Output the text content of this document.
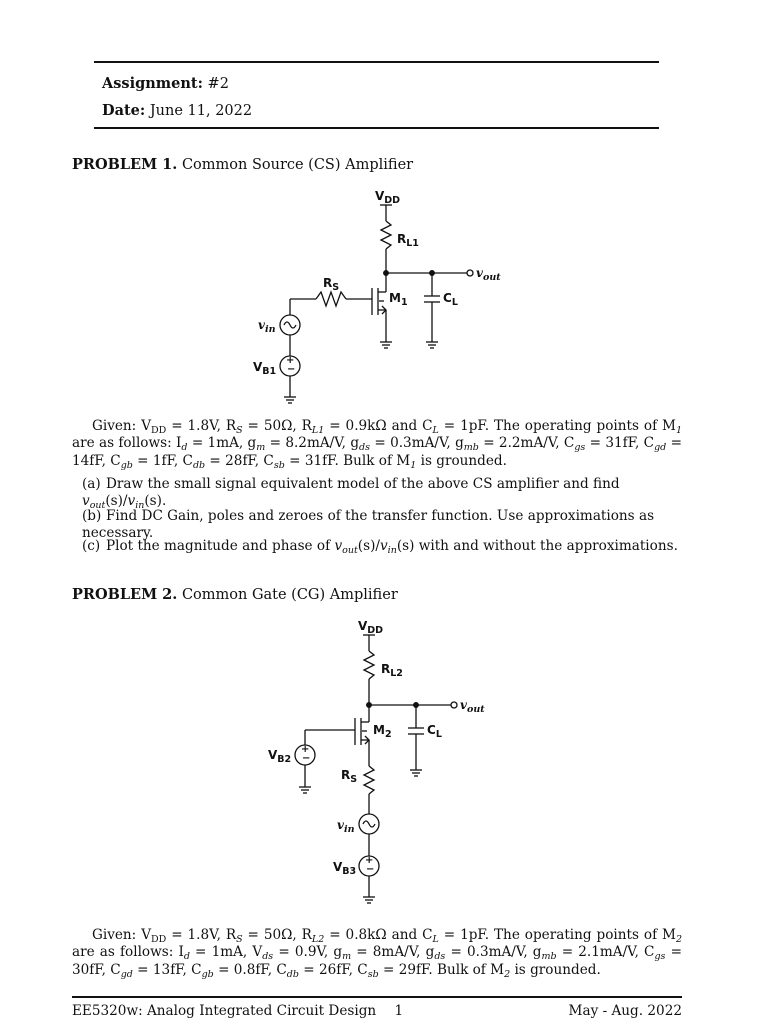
Assignment: #2
Date: June 11, 2022
PROBLEM 1. Common Source (CS) Amplifier
$V_{DD}$
$R_{L1}$
$R_S$
$M_1$	$C_L$
$v_{in}$
$v_{out}$
$V_{B1}$
+
−
$V_{DD}$
$R_{L2}$
$M_2$	$C_L$
$v_{out}$
$V_{B2}$
+
−
$R_S$
$v_{in}$
$V_{B3}$
+
−
Given: $V_{DD} = 1.8V$, $R_S = 50\Omega$, $R_{L1} = 0.9k\Omega$ and $C_L = 1pF$. The operating points of $M_1$ are as follows: $I_d = 1mA$, $g_m = 8.2mA/V$, $g_{ds} = 0.3mA/V$, $g_{mb} = 2.2mA/V$, $C_{gs} = 31fF$, $C_{gd} = 14fF$, $C_{gb} = 1fF$, $C_{db} = 28fF$, $C_{sb} = 31fF$. Bulk of $M_1$ is grounded.
(a) Draw the small signal equivalent model of the above CS amplifier and find $v_{out}(s)/v_{in}(s)$.
(b) Find DC Gain, poles and zeroes of the transfer function. Use approximations as necessary.
(c) Plot the magnitude and phase of $v_{out}(s)/v_{in}(s)$ with and without the approximations.
PROBLEM 2. Common Gate (CG) Amplifier
Given: $V_{DD} = 1.8V$, $R_S = 50\Omega$, $R_{L2} = 0.8k\Omega$ and $C_L = 1pF$. The operating points of $M_2$ are as follows: $I_d = 1mA$, $V_{ds} = 0.9V$, $g_m = 8mA/V$, $g_{ds} = 0.3mA/V$, $g_{mb} = 2.1mA/V$, $C_{gs} = 30fF$, $C_{gd} = 13fF$, $C_{gb} = 0.8fF$, $C_{db} = 26fF$, $C_{sb} = 29fF$. Bulk of $M_2$ is grounded.
EE5320w: Analog Integrated Circuit Design 1	May - Aug. 2022
